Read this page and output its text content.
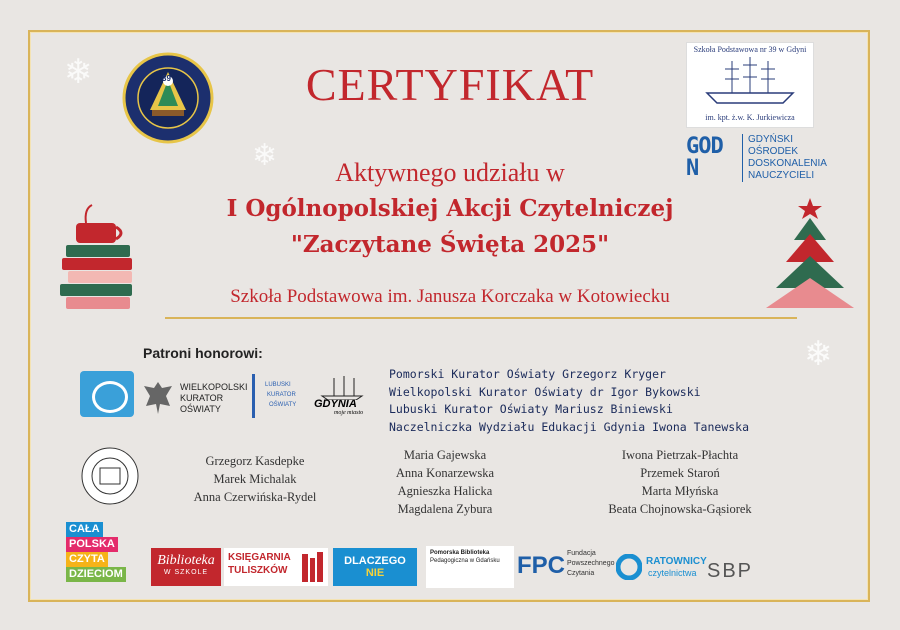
39	CERTYFIKAT
Szkoła Podstawowa nr 39 w Gdyni
im. kpt. ż.w. K. Jurkiewicza
GODN
GDYŃSKI
OŚRODEK
DOSKONALENIA
NAUCZYCIELI
❄
❄
❄
Aktywnego udziału w
I Ogólnopolskiej Akcji Czytelniczej
"Zaczytane Święta 2025"
Szkoła Podstawowa im. Janusza Korczaka w Kotowiecku
Patroni honorowi:
WIELKOPOLSKI
KURATOR
OŚWIATY
LUBUSKI
KURATOR
OŚWIATY GDYNIA
moje miasto
Pomorski Kurator Oświaty Grzegorz Kryger
Wielkopolski Kurator Oświaty dr Igor Bykowski
Lubuski Kurator Oświaty Mariusz Biniewski
Naczelniczka Wydziału Edukacji Gdynia Iwona Tanewska
Grzegorz Kasdepke
Marek Michalak
Anna Czerwińska-Rydel
Maria Gajewska
Anna Konarzewska
Agnieszka Halicka
Magdalena Zybura
Iwona Pietrzak-Płachta
Przemek Staroń
Marta Młyńska
Beata Chojnowska-Gąsiorek
CAŁA
POLSKA
CZYTA
DZIECIOM
Biblioteka
W SZKOLE
KSIĘGARNIA
TULISZKÓW
DLACZEGO
NIE
Pomorska Biblioteka
Pedagogiczna w Gdańsku FPC Fundacja
Powszechnego
Czytania
RATOWNICY
czytelnictwa SBP
